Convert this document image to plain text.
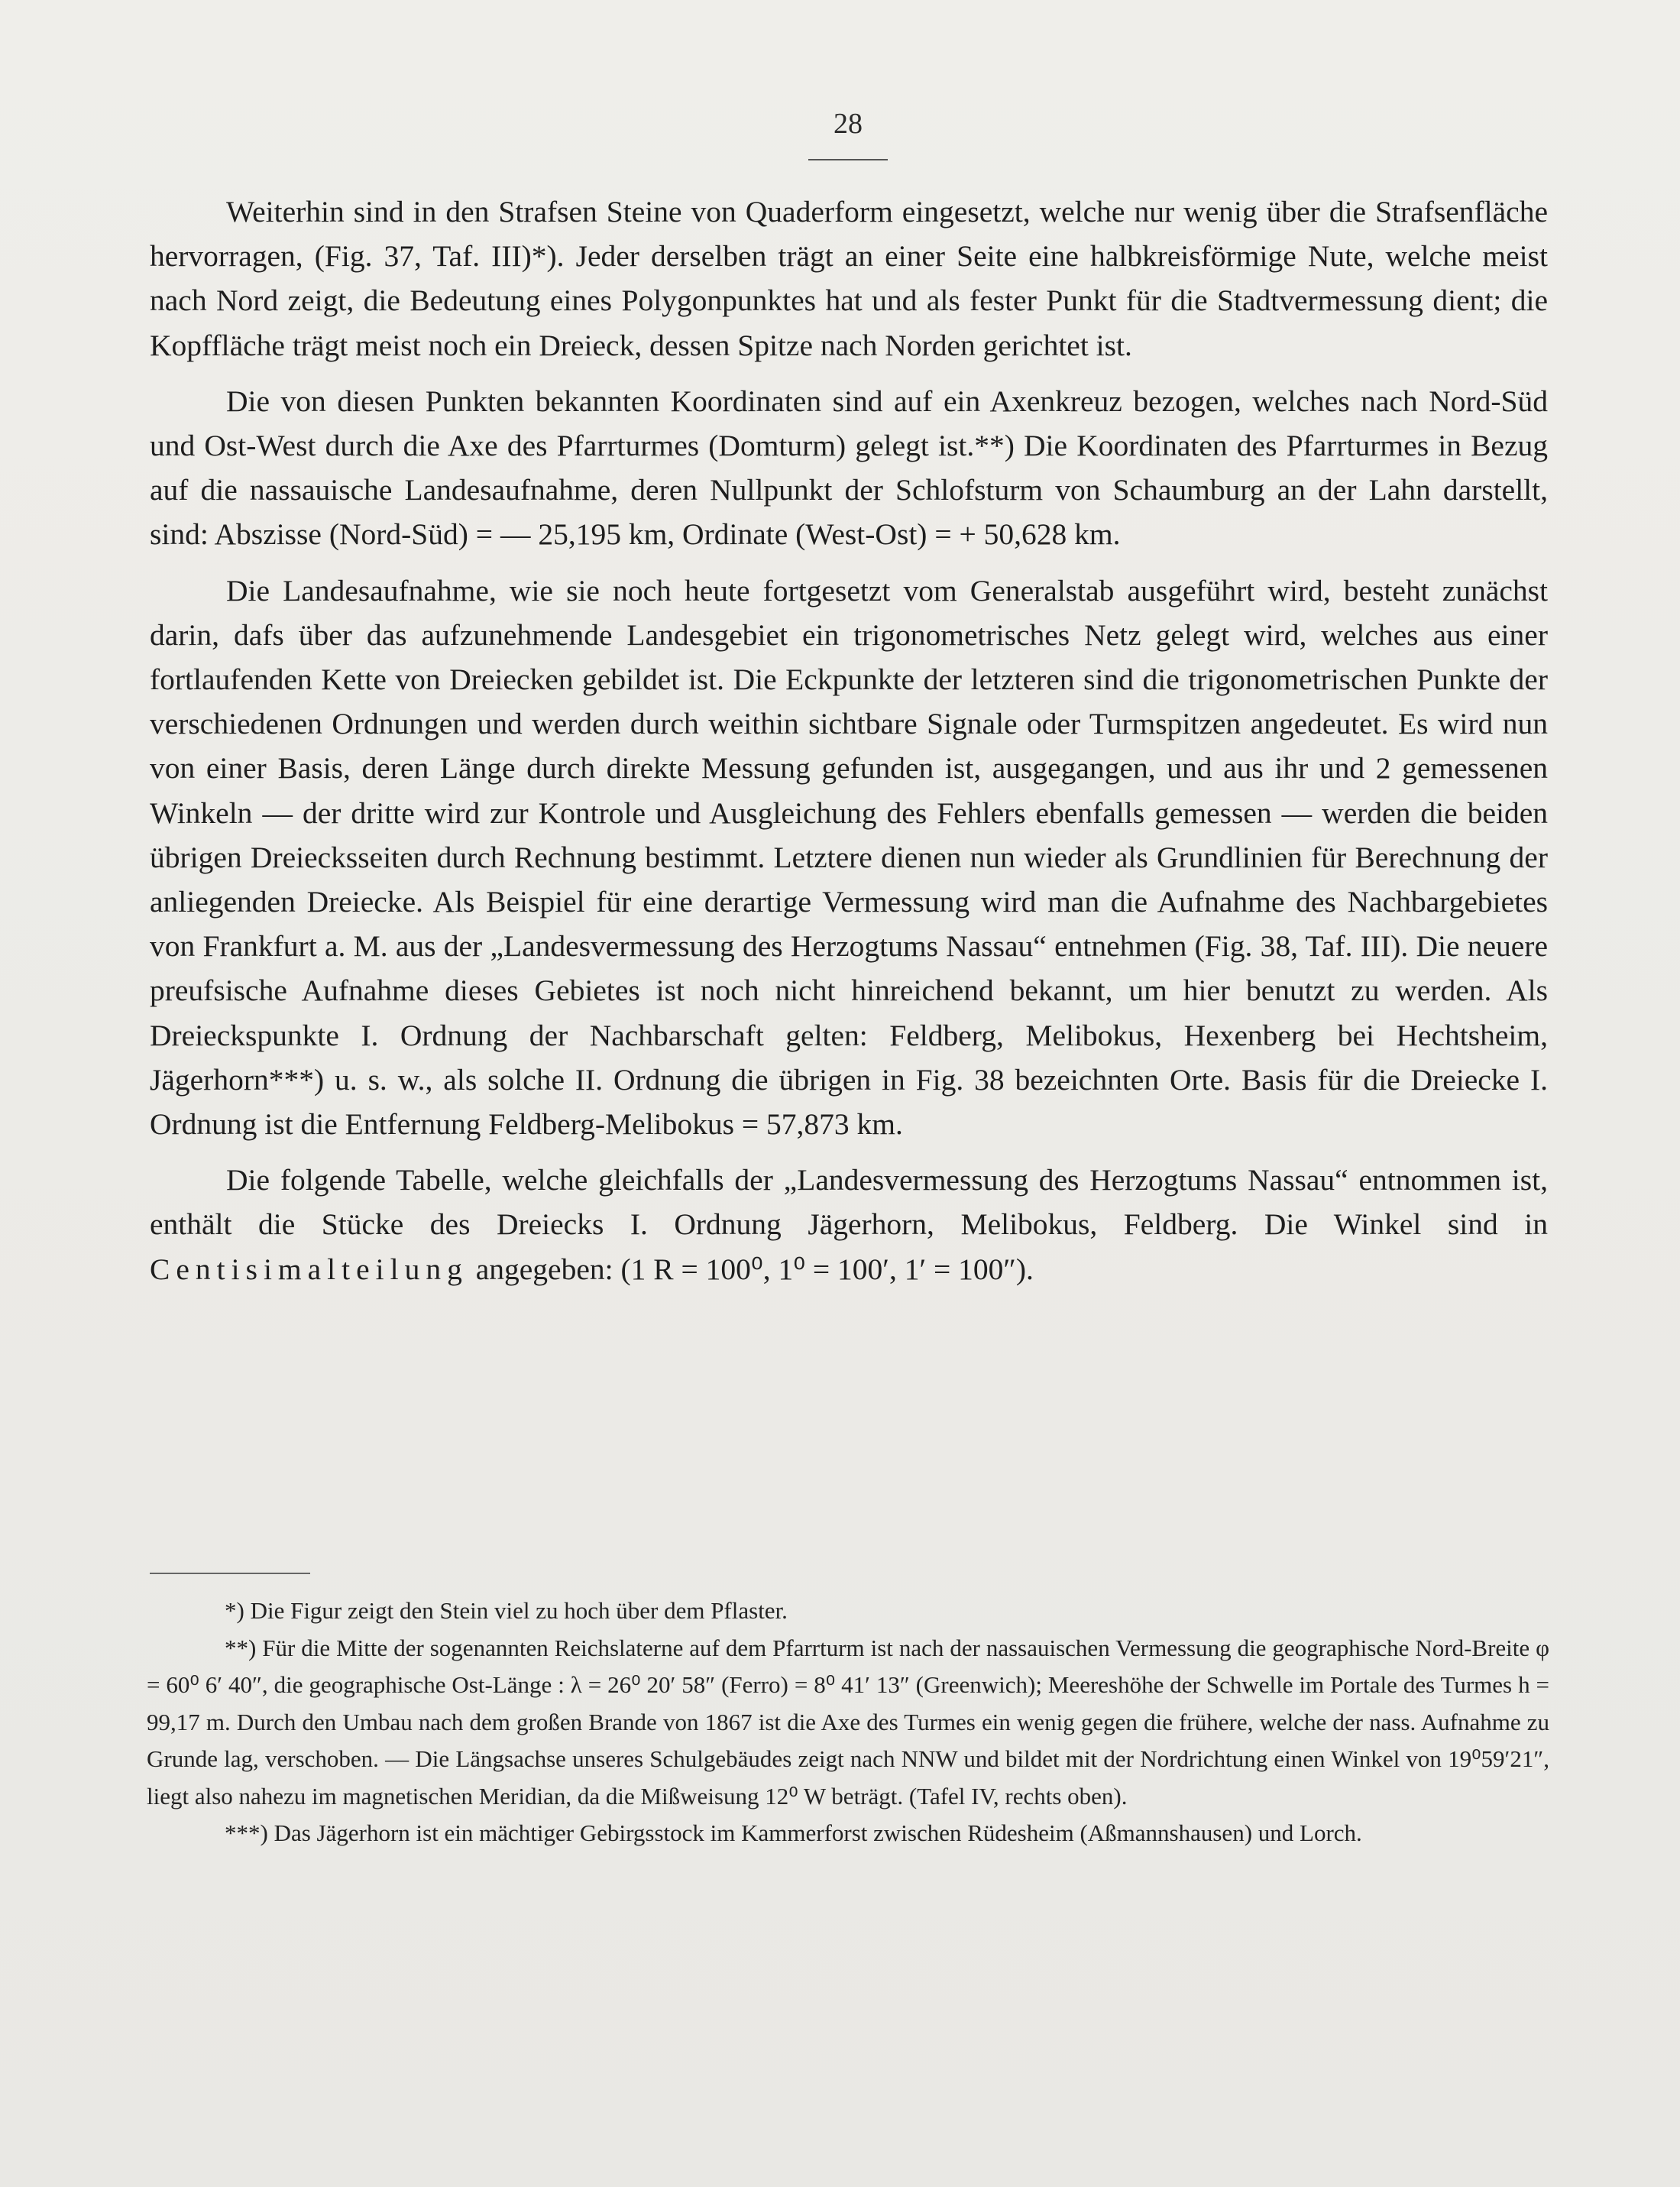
28

Weiterhin sind in den Strafsen Steine von Quaderform eingesetzt, welche nur wenig über die Strafsenfläche hervorragen, (Fig. 37, Taf. III)*). Jeder derselben trägt an einer Seite eine halbkreisförmige Nute, welche meist nach Nord zeigt, die Bedeutung eines Polygonpunktes hat und als fester Punkt für die Stadtvermessung dient; die Kopffläche trägt meist noch ein Dreieck, dessen Spitze nach Norden gerichtet ist.

Die von diesen Punkten bekannten Koordinaten sind auf ein Axenkreuz bezogen, welches nach Nord-Süd und Ost-West durch die Axe des Pfarrturmes (Domturm) gelegt ist.**) Die Koordinaten des Pfarrturmes in Bezug auf die nassauische Landesaufnahme, deren Nullpunkt der Schlofsturm von Schaumburg an der Lahn darstellt, sind: Abszisse (Nord-Süd) = — 25,195 km, Ordinate (West-Ost) = + 50,628 km.

Die Landesaufnahme, wie sie noch heute fortgesetzt vom Generalstab ausgeführt wird, besteht zunächst darin, dafs über das aufzunehmende Landesgebiet ein trigonometrisches Netz gelegt wird, welches aus einer fortlaufenden Kette von Dreiecken gebildet ist. Die Eckpunkte der letzteren sind die trigonometrischen Punkte der verschiedenen Ordnungen und werden durch weithin sichtbare Signale oder Turmspitzen angedeutet. Es wird nun von einer Basis, deren Länge durch direkte Messung gefunden ist, ausgegangen, und aus ihr und 2 gemessenen Winkeln — der dritte wird zur Kontrole und Ausgleichung des Fehlers ebenfalls gemessen — werden die beiden übrigen Dreiecksseiten durch Rechnung bestimmt. Letztere dienen nun wieder als Grundlinien für Berechnung der anliegenden Dreiecke. Als Beispiel für eine derartige Vermessung wird man die Aufnahme des Nachbargebietes von Frankfurt a. M. aus der „Landesvermessung des Herzogtums Nassau“ entnehmen (Fig. 38, Taf. III). Die neuere preufsische Aufnahme dieses Gebietes ist noch nicht hinreichend bekannt, um hier benutzt zu werden. Als Dreieckspunkte I. Ordnung der Nachbarschaft gelten: Feldberg, Melibokus, Hexenberg bei Hechtsheim, Jägerhorn***) u. s. w., als solche II. Ordnung die übrigen in Fig. 38 bezeichnten Orte. Basis für die Dreiecke I. Ordnung ist die Entfernung Feldberg-Melibokus = 57,873 km.

Die folgende Tabelle, welche gleichfalls der „Landesvermessung des Herzogtums Nassau“ entnommen ist, enthält die Stücke des Dreiecks I. Ordnung Jägerhorn, Melibokus, Feldberg. Die Winkel sind in Centisimalteilung angegeben: (1 R = 100⁰, 1⁰ = 100′, 1′ = 100″).

*) Die Figur zeigt den Stein viel zu hoch über dem Pflaster.

**) Für die Mitte der sogenannten Reichslaterne auf dem Pfarrturm ist nach der nassauischen Vermessung die geographische Nord-Breite φ = 60⁰ 6′ 40″, die geographische Ost-Länge : λ = 26⁰ 20′ 58″ (Ferro) = 8⁰ 41′ 13″ (Greenwich); Meereshöhe der Schwelle im Portale des Turmes h = 99,17 m. Durch den Umbau nach dem großen Brande von 1867 ist die Axe des Turmes ein wenig gegen die frühere, welche der nass. Aufnahme zu Grunde lag, verschoben. — Die Längsachse unseres Schulgebäudes zeigt nach NNW und bildet mit der Nordrichtung einen Winkel von 19⁰59′21″, liegt also nahezu im magnetischen Meridian, da die Mißweisung 12⁰ W beträgt. (Tafel IV, rechts oben).

***) Das Jägerhorn ist ein mächtiger Gebirgsstock im Kammerforst zwischen Rüdesheim (Aßmannshausen) und Lorch.
